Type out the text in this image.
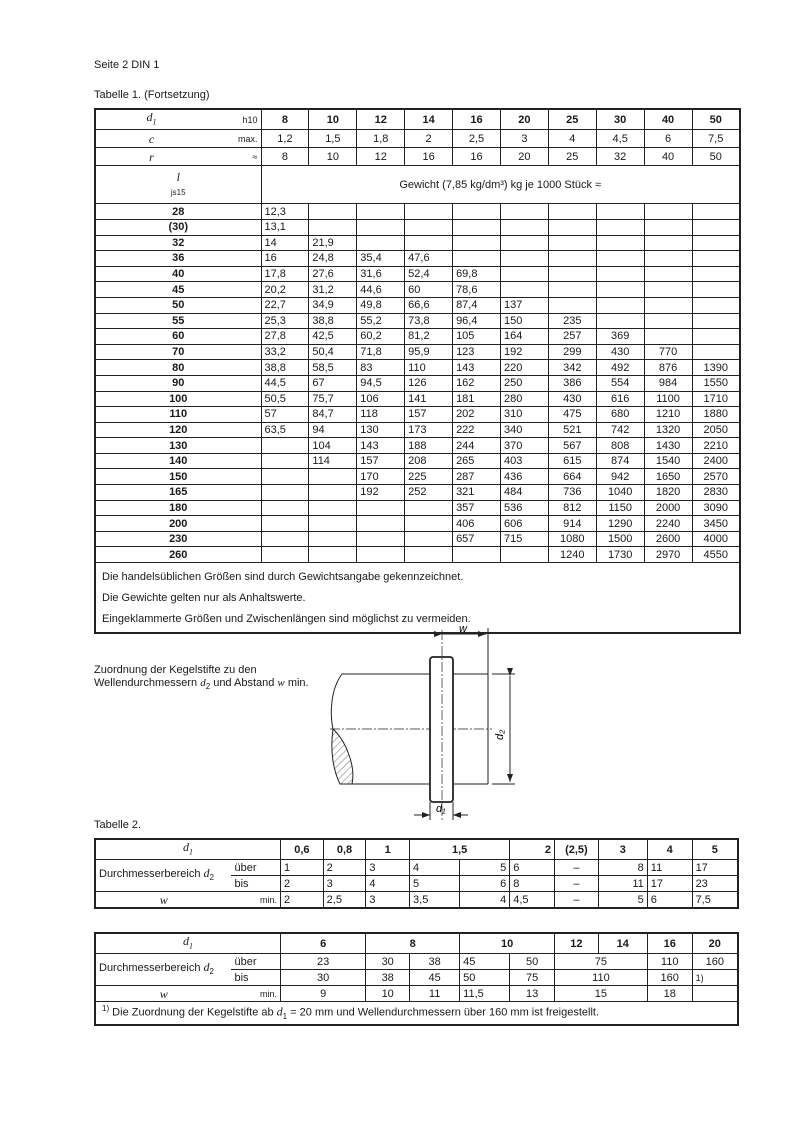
Seite 2 DIN 1
Tabelle 1. (Fortsetzung)
$d_1$	h10	8	10	12	14	16	20	25	30	40	50
c	max.	1,2	1,5	1,8	2	2,5	3	4	4,5	6	7,5
r	≈	8	10	12	16	16	20	25	32	40	50

l
js15		Gewicht (7,85 kg/dm³) kg je 1000 Stück ≈									
28		12,3									
(30)		13,1									
32		14	21,9								
36		16	24,8	35,4	47,6						
40		17,8	27,6	31,6	52,4	69,8					
45		20,2	31,2	44,6	60	78,6					
50		22,7	34,9	49,8	66,6	87,4	137				
55		25,3	38,8	55,2	73,8	96,4	150	235			
60		27,8	42,5	60,2	81,2	105	164	257	369		
70		33,2	50,4	71,8	95,9	123	192	299	430	770	
80		38,8	58,5	83	110	143	220	342	492	876	1390
90		44,5	67	94,5	126	162	250	386	554	984	1550
100		50,5	75,7	106	141	181	280	430	616	1100	1710
110		57	84,7	118	157	202	310	475	680	1210	1880
120		63,5	94	130	173	222	340	521	742	1320	2050
130			104	143	188	244	370	567	808	1430	2210
140			114	157	208	265	403	615	874	1540	2400
150				170	225	287	436	664	942	1650	2570
165				192	252	321	484	736	1040	1820	2830
180						357	536	812	1150	2000	3090
200						406	606	914	1290	2240	3450
230						657	715	1080	1500	2600	4000
260								1240	1730	2970	4550

Die handelsüblichen Größen sind durch Gewichtsangabe gekennzeichnet.
Die Gewichte gelten nur als Anhaltswerte.
Eingeklammerte Größen und Zwischenlängen sind möglichst zu vermeiden.											
Zuordnung der Kegelstifte zu den
Wellendurchmessern $d_2$ und Abstand w min.
w
d₂
d₁
Tabelle 2.
$d_1$		0,6	0,8	1	1,5		2	(2,5)	3	4	5
Durchmesserbereich $d_2$	über	1	2	3	4	5	6	–	8	11	17
	bis	2	3	4	5	6	8	–	11	17	23
w	min.	2	2,5	3	3,5	4	4,5	–	5	6	7,5
$d_1$		6	8		10		12	14	16	20
Durchmesserbereich $d_2$	über	23	30	38	45	50	75		110	160
	bis	30	38	45	50	75	110		160	1)
w	min.	9	10	11	11,5	13	15		18	
$^{1)}$ Die Zuordnung der Kegelstifte ab $d_1 = 20$ mm und Wellendurchmessern über 160 mm ist freigestellt.										
